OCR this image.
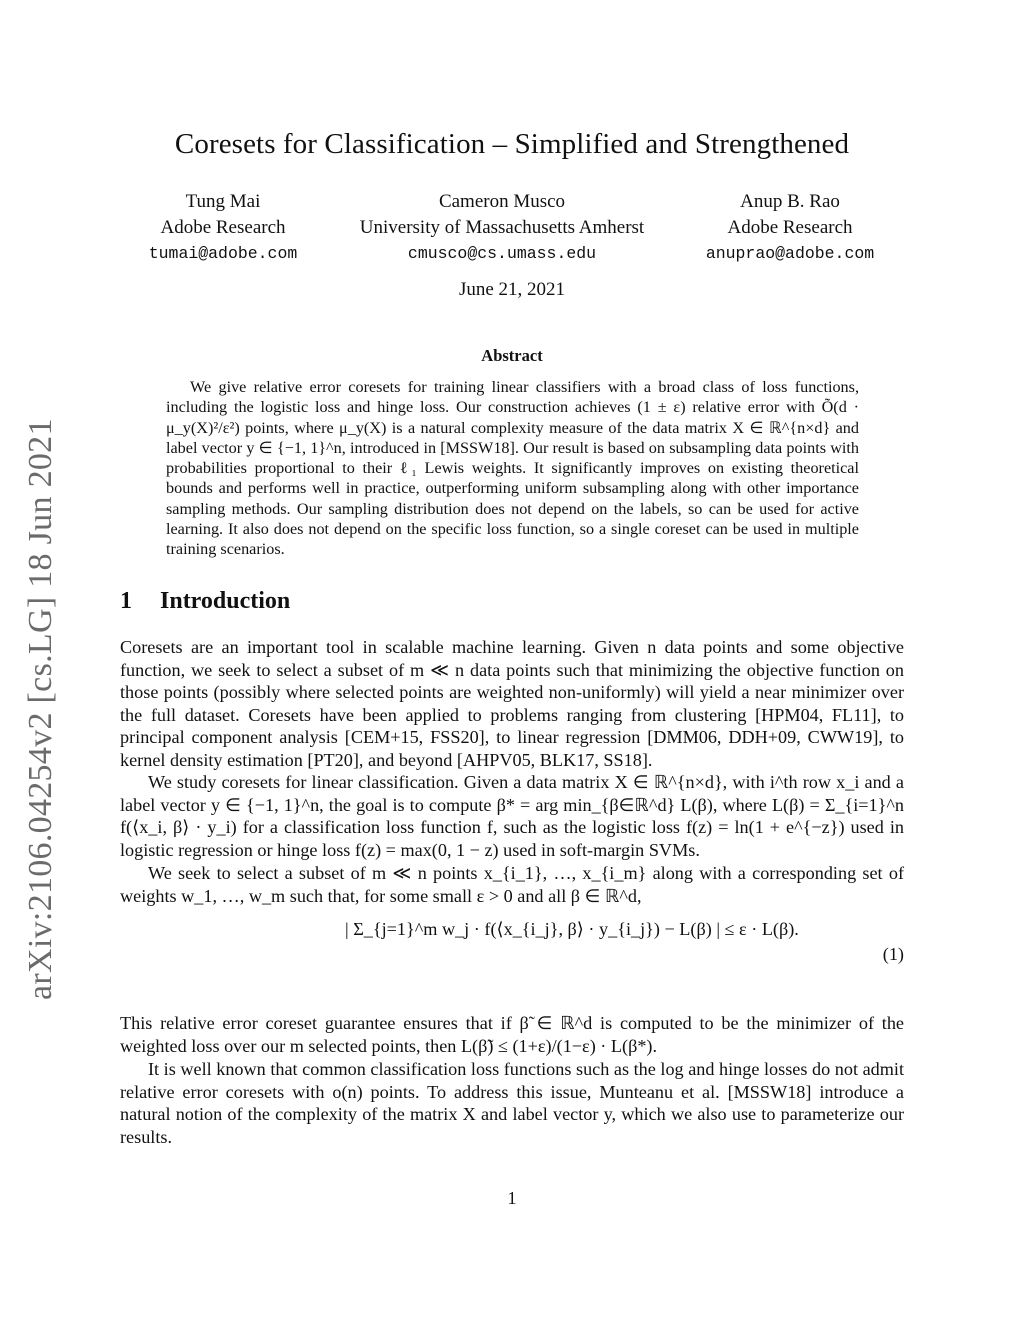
arXiv:2106.04254v2 [cs.LG] 18 Jun 2021
Coresets for Classification – Simplified and Strengthened
Tung Mai
Adobe Research
tumai@adobe.com
Cameron Musco
University of Massachusetts Amherst
cmusco@cs.umass.edu
Anup B. Rao
Adobe Research
anuprao@adobe.com
June 21, 2021
Abstract

We give relative error coresets for training linear classifiers with a broad class of loss functions, including the logistic loss and hinge loss. Our construction achieves (1 ± ε) relative error with Õ(d · μ_y(X)²/ε²) points, where μ_y(X) is a natural complexity measure of the data matrix X ∈ ℝ^{n×d} and label vector y ∈ {−1, 1}^n, introduced in [MSSW18]. Our result is based on subsampling data points with probabilities proportional to their ℓ₁ Lewis weights. It significantly improves on existing theoretical bounds and performs well in practice, outperforming uniform subsampling along with other importance sampling methods. Our sampling distribution does not depend on the labels, so can be used for active learning. It also does not depend on the specific loss function, so a single coreset can be used in multiple training scenarios.

1 Introduction

Coresets are an important tool in scalable machine learning. Given n data points and some objective function, we seek to select a subset of m ≪ n data points such that minimizing the objective function on those points (possibly where selected points are weighted non-uniformly) will yield a near minimizer over the full dataset. Coresets have been applied to problems ranging from clustering [HPM04, FL11], to principal component analysis [CEM+15, FSS20], to linear regression [DMM06, DDH+09, CWW19], to kernel density estimation [PT20], and beyond [AHPV05, BLK17, SS18].

We study coresets for linear classification. Given a data matrix X ∈ ℝ^{n×d}, with i^th row x_i and a label vector y ∈ {−1, 1}^n, the goal is to compute β* = arg min_{β∈ℝ^d} L(β), where L(β) = Σ_{i=1}^n f(⟨x_i, β⟩ · y_i) for a classification loss function f, such as the logistic loss f(z) = ln(1 + e^{−z}) used in logistic regression or hinge loss f(z) = max(0, 1 − z) used in soft-margin SVMs.

We seek to select a subset of m ≪ n points x_{i_1}, …, x_{i_m} along with a corresponding set of weights w_1, …, w_m such that, for some small ε > 0 and all β ∈ ℝ^d,

| Σ_{j=1}^m w_j · f(⟨x_{i_j}, β⟩ · y_{i_j}) − L(β) | ≤ ε · L(β).
(1)

This relative error coreset guarantee ensures that if β̃ ∈ ℝ^d is computed to be the minimizer of the weighted loss over our m selected points, then L(β̃) ≤ (1+ε)/(1−ε) · L(β*).

It is well known that common classification loss functions such as the log and hinge losses do not admit relative error coresets with o(n) points. To address this issue, Munteanu et al. [MSSW18] introduce a natural notion of the complexity of the matrix X and label vector y, which we also use to parameterize our results.

1
